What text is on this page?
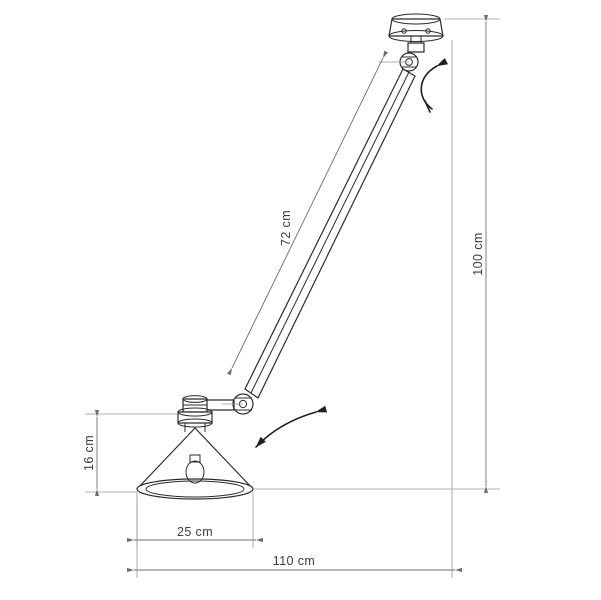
72 cm
100 cm
16 cm
25 cm
110 cm
